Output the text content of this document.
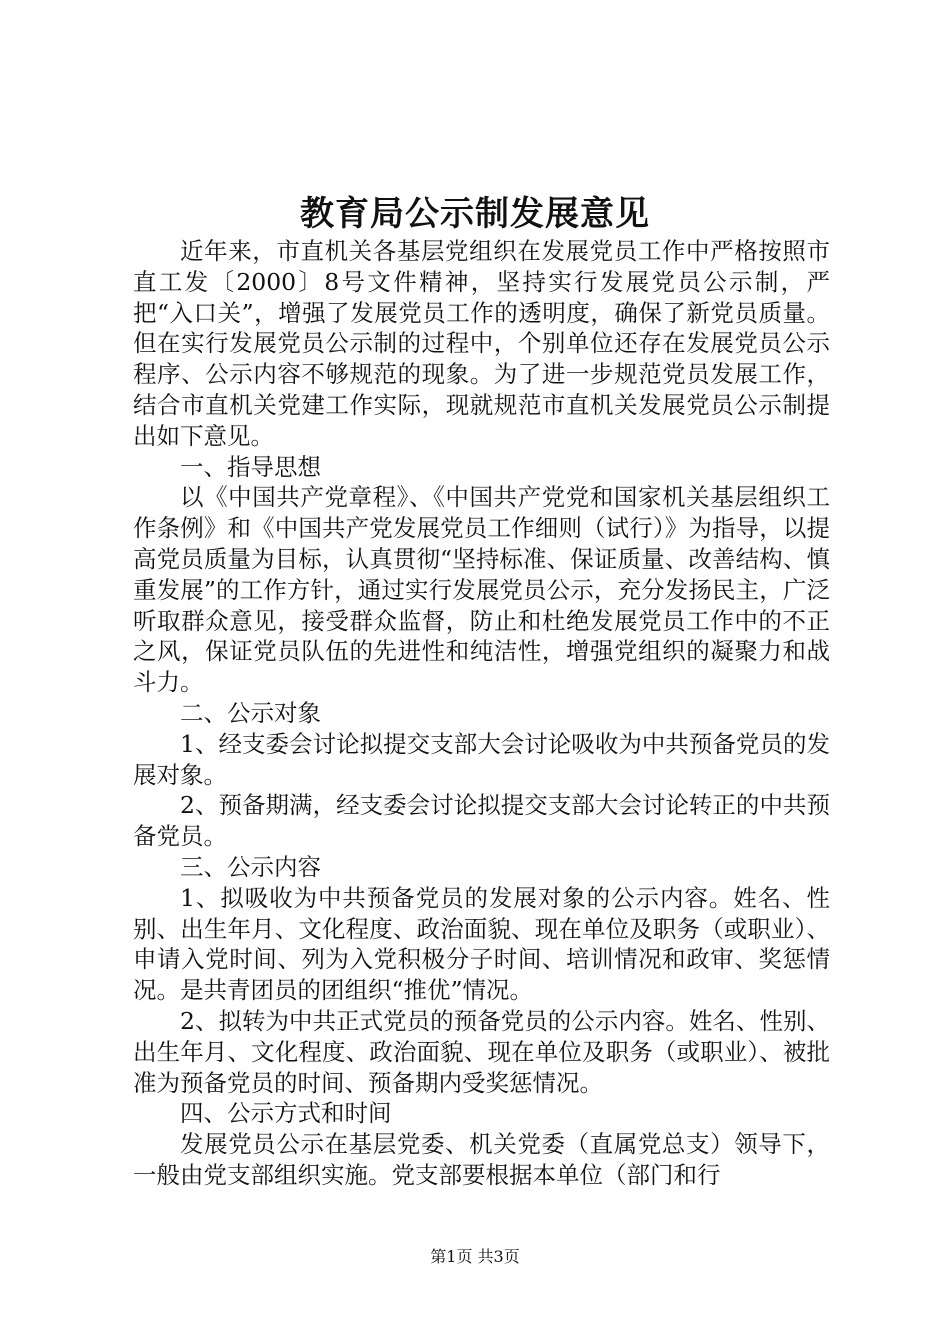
教育局公示制发展意见

近年来，市直机关各基层党组织在发展党员工作中严格按照市直工发〔2000〕8号文件精神，坚持实行发展党员公示制，严把“入口关”，增强了发展党员工作的透明度，确保了新党员质量。但在实行发展党员公示制的过程中，个别单位还存在发展党员公示程序、公示内容不够规范的现象。为了进一步规范党员发展工作，结合市直机关党建工作实际，现就规范市直机关发展党员公示制提出如下意见。

一、指导思想

以《中国共产党章程》、《中国共产党党和国家机关基层组织工作条例》和《中国共产党发展党员工作细则（试行）》为指导，以提高党员质量为目标，认真贯彻“坚持标准、保证质量、改善结构、慎重发展”的工作方针，通过实行发展党员公示，充分发扬民主，广泛听取群众意见，接受群众监督，防止和杜绝发展党员工作中的不正之风，保证党员队伍的先进性和纯洁性，增强党组织的凝聚力和战斗力。

二、公示对象

1、经支委会讨论拟提交支部大会讨论吸收为中共预备党员的发展对象。

2、预备期满，经支委会讨论拟提交支部大会讨论转正的中共预备党员。

三、公示内容

1、拟吸收为中共预备党员的发展对象的公示内容。姓名、性别、出生年月、文化程度、政治面貌、现在单位及职务（或职业）、申请入党时间、列为入党积极分子时间、培训情况和政审、奖惩情况。是共青团员的团组织“推优”情况。

2、拟转为中共正式党员的预备党员的公示内容。姓名、性别、出生年月、文化程度、政治面貌、现在单位及职务（或职业）、被批准为预备党员的时间、预备期内受奖惩情况。

四、公示方式和时间

发展党员公示在基层党委、机关党委（直属党总支）领导下，一般由党支部组织实施。党支部要根据本单位（部门和行

第1页 共3页
